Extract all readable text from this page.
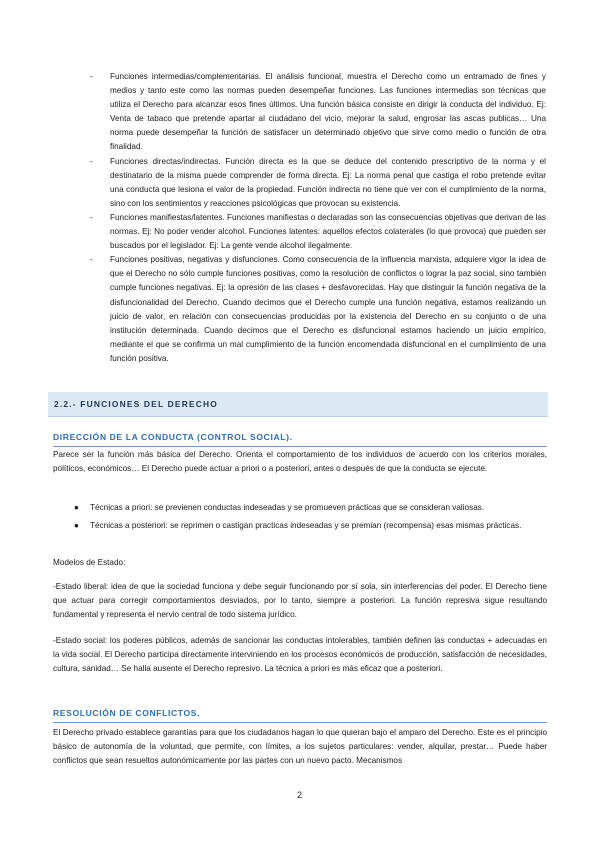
- Funciones intermedias/complementarias. El análisis funcional, muestra el Derecho como un entramado de fines y medios y tanto este como las normas pueden desempeñar funciones. Las funciones intermedias son técnicas que utiliza el Derecho para alcanzar esos fines últimos. Una función básica consiste en dirigir la conducta del individuo. Ej: Venta de tabaco que pretende apartar al ciudadano del vicio, mejorar la salud, engrosar las ascas publicas… Una norma puede desempeñar la función de satisfacer un determinado objetivo que sirve como medio o función de otra finalidad.
- Funciones directas/indirectas. Función directa es la que se deduce del contenido prescriptivo de la norma y el destinatario de la misma puede comprender de forma directa. Ej: La norma penal que castiga el robo pretende evitar una conducta que lesiona el valor de la propiedad. Función indirecta no tiene que ver con el cumplimiento de la norma, sino con los sentimientos y reacciones psicológicas que provocan su existencia.
- Funciones manifiestas/latentes. Funciones manifiestas o declaradas son las consecuencias objetivas que derivan de las normas. Ej: No poder vender alcohol. Funciones latentes: aquellos efectos colaterales (lo que provoca) que pueden ser buscados por el legislador. Ej: La gente vende alcohol ilegalmente.
- Funciones positivas, negativas y disfunciones. Como consecuencia de la influencia marxista, adquiere vigor la idea de que el Derecho no sólo cumple funciones positivas, como la resolución de conflictos o lograr la paz social, sino también cumple funciones negativas. Ej: la opresión de las clases + desfavorecidas. Hay que distinguir la función negativa de la disfuncionalidad del Derecho. Cuando decimos que el Derecho cumple una función negativa, estamos realizando un juicio de valor, en relación con consecuencias producidas por la existencia del Derecho en su conjunto o de una institución determinada. Cuando decimos que el Derecho es disfuncional estamos haciendo un juicio empírico, mediante el que se confirma un mal cumplimiento de la función encomendada disfuncional en el cumplimiento de una función positiva.
2.2.- FUNCIONES DEL DERECHO
DIRECCIÓN DE LA CONDUCTA (CONTROL SOCIAL).
Parece ser la función más básica del Derecho. Orienta el comportamiento de los individuos de acuerdo con los criterios morales, políticos, económicos… El Derecho puede actuar a priori o a posteriori, antes o después de que la conducta se ejecute.
● Técnicas a priori: se previenen conductas indeseadas y se promueven prácticas que se consideran valiosas.
● Técnicas a posteriori: se reprimen o castigan practicas indeseadas y se premian (recompensa) esas mismas prácticas.
Modelos de Estado:
-Estado liberal: idea de que la sociedad funciona y debe seguir funcionando por sí sola, sin interferencias del poder. El Derecho tiene que actuar para corregir comportamientos desviados, por lo tanto, siempre a posteriori. La función represiva sigue resultando fundamental y representa el nervio central de todo sistema jurídico.
-Estado social: los poderes públicos, además de sancionar las conductas intolerables, también definen las conductas + adecuadas en la vida social. El Derecho participa directamente interviniendo en los procesos económicos de producción, satisfacción de necesidades, cultura, sanidad… Se halla ausente el Derecho represivo. La técnica a priori es más eficaz que a posteriori.
RESOLUCIÓN DE CONFLICTOS.
El Derecho privado establece garantías para que los ciudadanos hagan lo que quieran bajo el amparo del Derecho. Este es el principio básico de autonomía de la voluntad, que permite, con límites, a los sujetos particulares: vender, alquilar, prestar… Puede haber conflictos que sean resueltos autonómicamente por las partes con un nuevo pacto. Mecanismos
2
